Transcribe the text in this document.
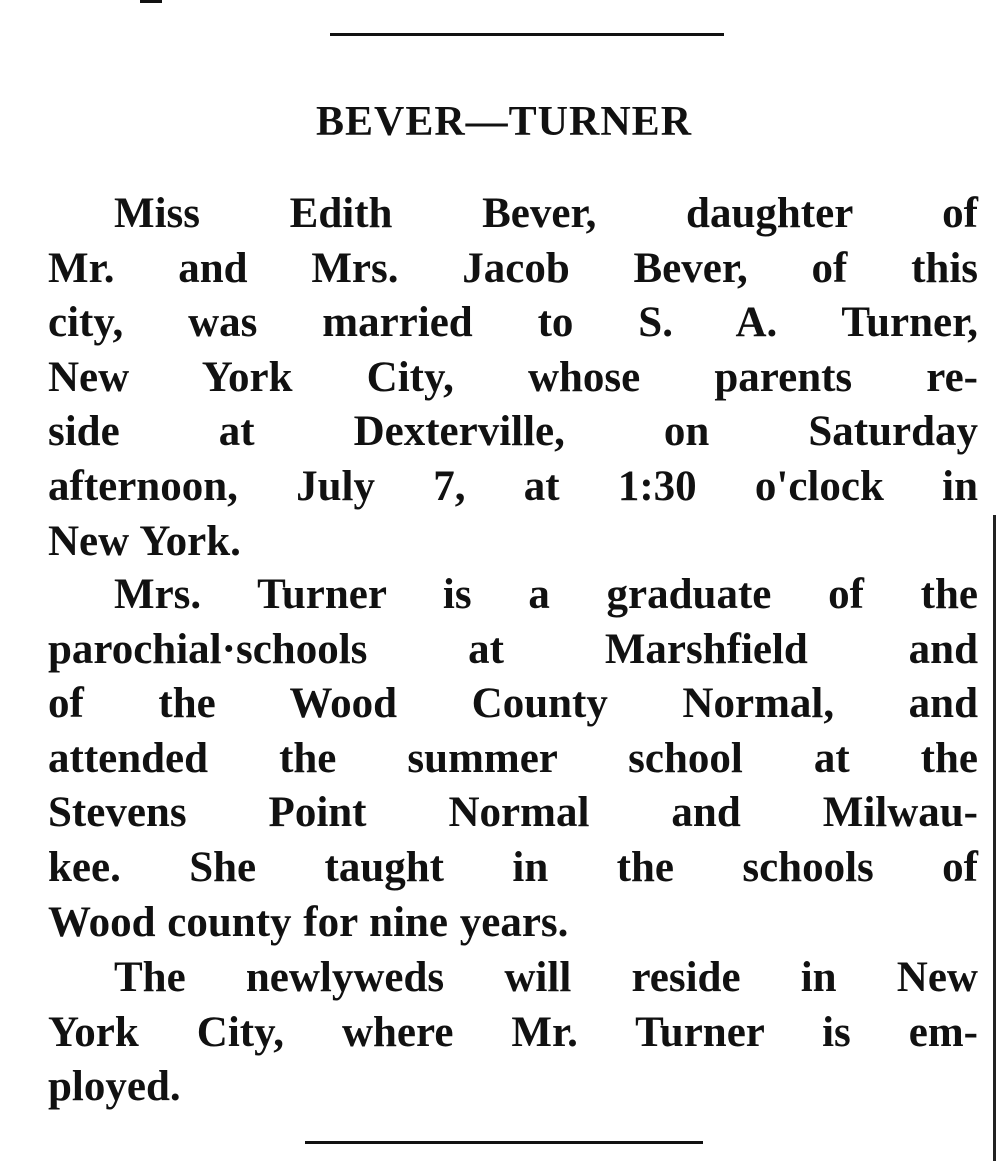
BEVER—TURNER
Miss Edith Bever, daughter of
Mr. and Mrs. Jacob Bever, of this
city, was married to S. A. Turner,
New York City, whose parents re-
side at Dexterville, on Saturday
afternoon, July 7, at 1:30 o'clock in
New York.
Mrs. Turner is a graduate of the
parochial·schools at Marshfield and
of the Wood County Normal, and
attended the summer school at the
Stevens Point Normal and Milwau-
kee. She taught in the schools of
Wood county for nine years.
The newlyweds will reside in New
York City, where Mr. Turner is em-
ployed.
